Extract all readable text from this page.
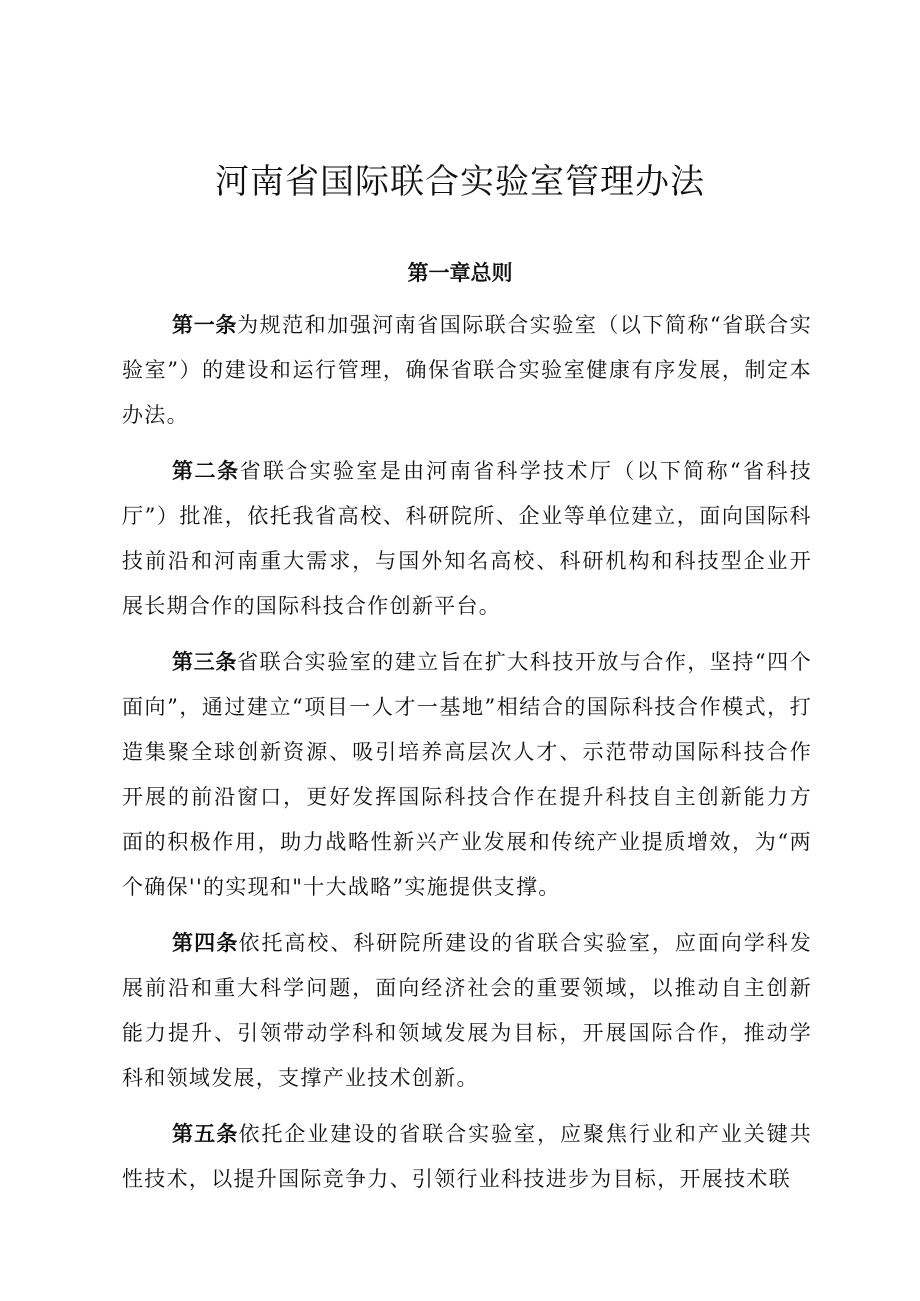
河南省国际联合实验室管理办法
第一章总则

第一条为规范和加强河南省国际联合实验室（以下简称“省联合实验室”）的建设和运行管理，确保省联合实验室健康有序发展，制定本办法。

第二条省联合实验室是由河南省科学技术厅（以下简称“省科技厅”）批准，依托我省高校、科研院所、企业等单位建立，面向国际科技前沿和河南重大需求，与国外知名高校、科研机构和科技型企业开展长期合作的国际科技合作创新平台。

第三条省联合实验室的建立旨在扩大科技开放与合作，坚持“四个面向”，通过建立“项目一人才一基地”相结合的国际科技合作模式，打造集聚全球创新资源、吸引培养高层次人才、示范带动国际科技合作开展的前沿窗口，更好发挥国际科技合作在提升科技自主创新能力方面的积极作用，助力战略性新兴产业发展和传统产业提质增效，为“两个确保''的实现和"十大战略”实施提供支撑。

第四条依托高校、科研院所建设的省联合实验室，应面向学科发展前沿和重大科学问题，面向经济社会的重要领域，以推动自主创新能力提升、引领带动学科和领域发展为目标，开展国际合作，推动学科和领域发展，支撑产业技术创新。

第五条依托企业建设的省联合实验室，应聚焦行业和产业关键共性技术，以提升国际竞争力、引领行业科技进步为目标，开展技术联
